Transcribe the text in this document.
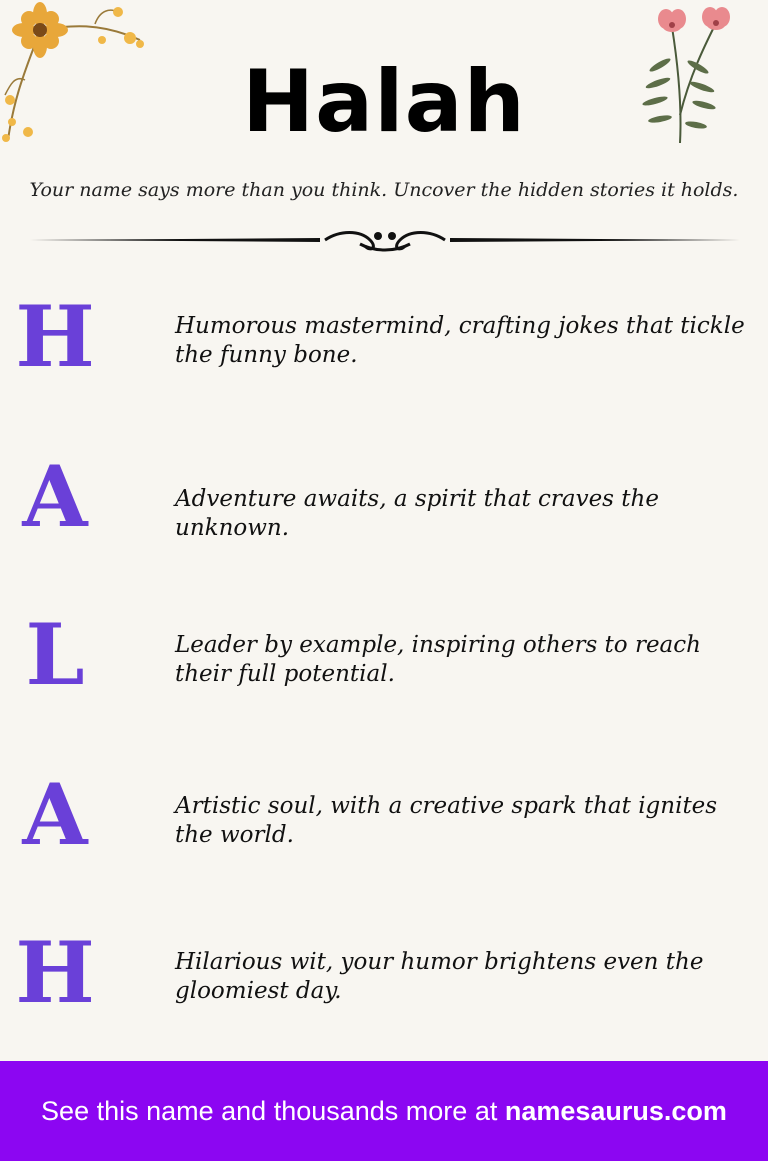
Halah
Your name says more than you think. Uncover the hidden stories it holds.
H	Humorous mastermind, crafting jokes that tickle the funny bone.
A	Adventure awaits, a spirit that craves the unknown.
L	Leader by example, inspiring others to reach their full potential.
A	Artistic soul, with a creative spark that ignites the world.
H	Hilarious wit, your humor brightens even the gloomiest day.
See this name and thousands more at namesaurus.com
